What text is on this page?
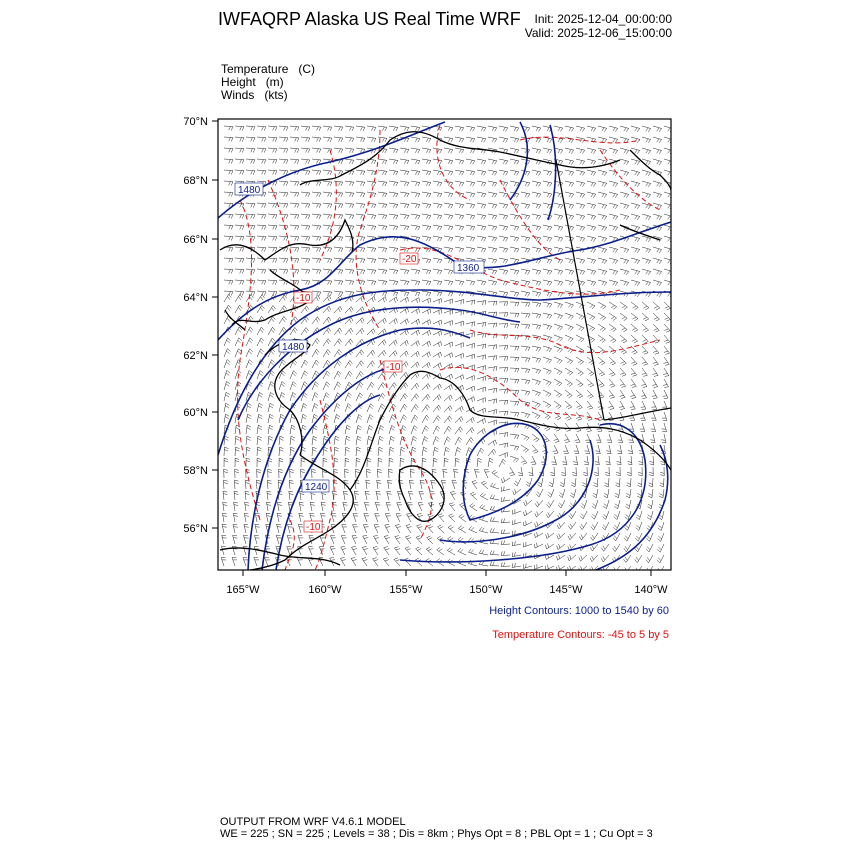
IWFAQRP Alaska US Real Time WRF Init: 2025-12-04_00:00:00
Valid: 2025-12-06_15:00:00
Temperature   (C)
Height   (m)
Winds   (kts)
1480
1360
1480
1240
-20
-10
-10
-10
70°N
68°N
66°N
64°N
62°N
60°N
58°N
56°N
165°W	160°W	155°W	150°W	145°W	140°W
Height Contours: 1000 to 1540 by 60
Temperature Contours: -45 to 5 by 5
OUTPUT FROM WRF V4.6.1 MODEL
WE = 225 ; SN = 225 ; Levels = 38 ; Dis = 8km ; Phys Opt = 8 ; PBL Opt = 1 ; Cu Opt = 3
